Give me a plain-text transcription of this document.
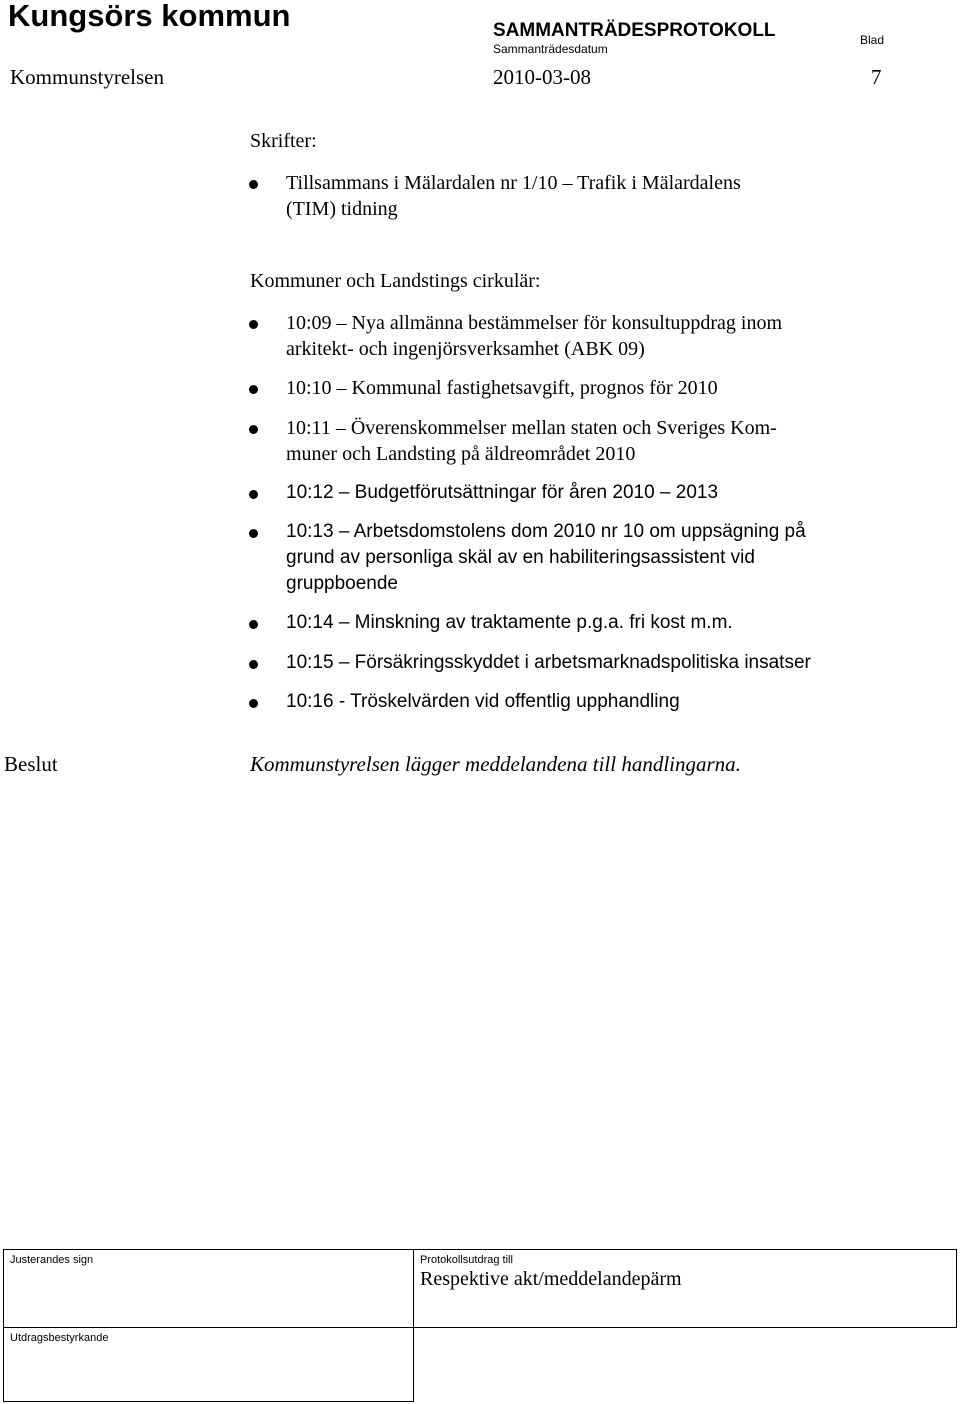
Kungsörs kommun	SAMMANTRÄDESPROTOKOLL
Sammanträdesdatum
Blad
Kommunstyrelsen	2010-03-08	7
Skrifter:
Tillsammans i Mälardalen nr 1/10 – Trafik i Mälardalens
(TIM) tidning
Kommuner och Landstings cirkulär:
10:09 – Nya allmänna bestämmelser för konsultuppdrag inom
arkitekt- och ingenjörsverksamhet (ABK 09)
10:10 – Kommunal fastighetsavgift, prognos för 2010
10:11 – Överenskommelser mellan staten och Sveriges Kom-
muner och Landsting på äldreområdet 2010
10:12 – Budgetförutsättningar för åren 2010 – 2013
10:13 – Arbetsdomstolens dom 2010 nr 10 om uppsägning på
grund av personliga skäl av en habiliteringsassistent vid
gruppboende
10:14 – Minskning av traktamente p.g.a. fri kost m.m.
10:15 – Försäkringsskyddet i arbetsmarknadspolitiska insatser
10:16 - Tröskelvärden vid offentlig upphandling
Beslut	Kommunstyrelsen lägger meddelandena till handlingarna.
Justerandes sign	Protokollsutdrag till
Respektive akt/meddelandepärm
Utdragsbestyrkande
